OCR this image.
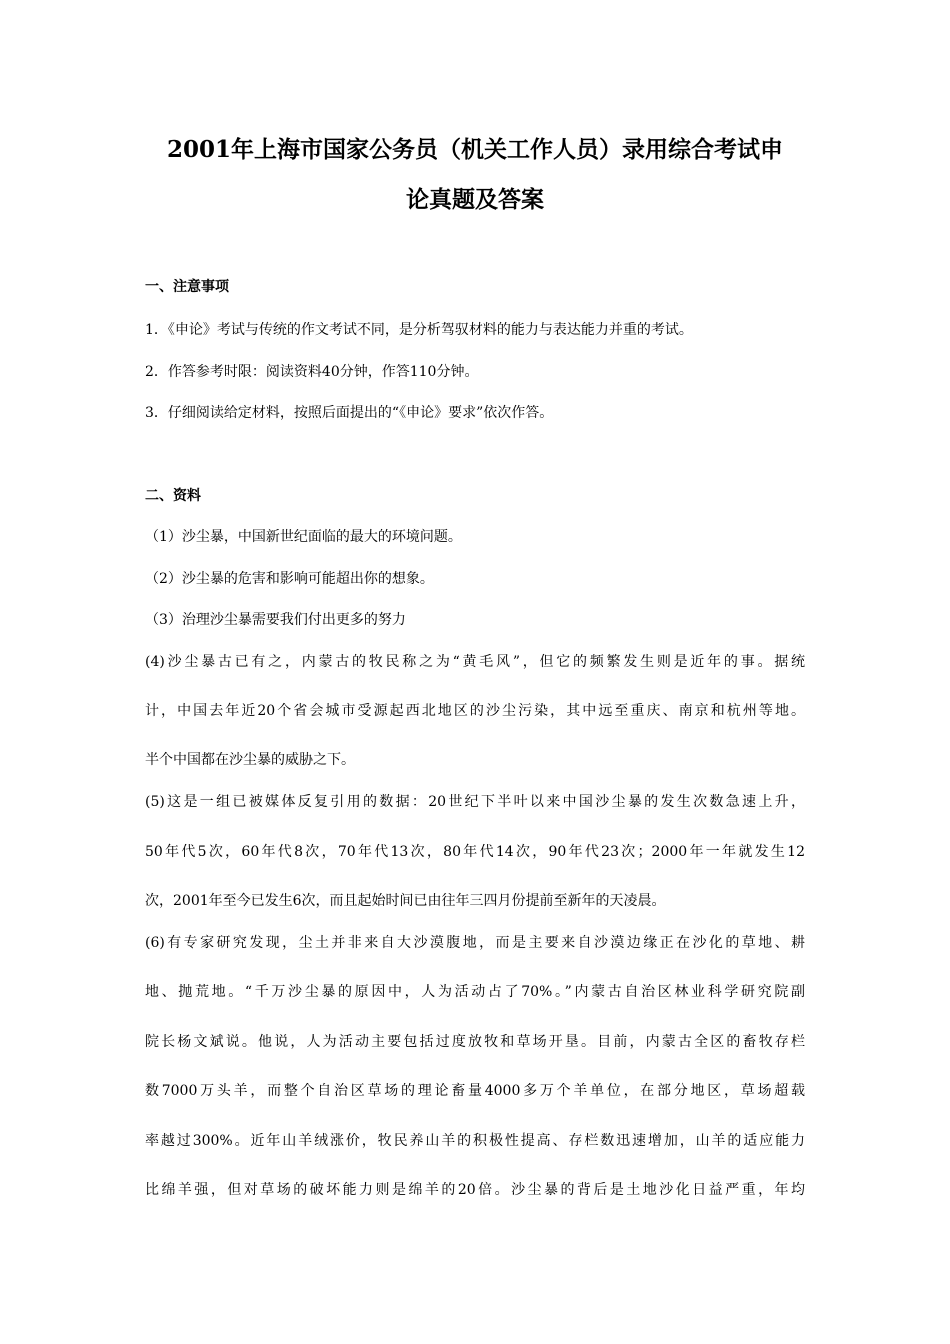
2001年上海市国家公务员（机关工作人员）录用综合考试申
论真题及答案
一、注意事项
1．《申论》考试与传统的作文考试不同，是分析驾驭材料的能力与表达能力并重的考试。
2．作答参考时限：阅读资料40分钟，作答110分钟。
3．仔细阅读给定材料，按照后面提出的“《申论》要求”依次作答。
二、资料
（1）沙尘暴，中国新世纪面临的最大的环境问题。
（2）沙尘暴的危害和影响可能超出你的想象。
（3）治理沙尘暴需要我们付出更多的努力
(4)沙尘暴古已有之，内蒙古的牧民称之为“黄毛风”，但它的频繁发生则是近年的事。据统
计，中国去年近20个省会城市受源起西北地区的沙尘污染，其中远至重庆、南京和杭州等地。
半个中国都在沙尘暴的威胁之下。
(5)这是一组已被媒体反复引用的数据：20世纪下半叶以来中国沙尘暴的发生次数急速上升，
50年代5次，60年代8次，70年代13次，80年代14次，90年代23次；2000年一年就发生12
次，2001年至今已发生6次，而且起始时间已由往年三四月份提前至新年的天凌晨。
(6)有专家研究发现，尘土并非来自大沙漠腹地，而是主要来自沙漠边缘正在沙化的草地、耕
地、抛荒地。“千万沙尘暴的原因中，人为活动占了70%。”内蒙古自治区林业科学研究院副
院长杨文斌说。他说，人为活动主要包括过度放牧和草场开垦。目前，内蒙古全区的畜牧存栏
数7000万头羊，而整个自治区草场的理论畜量4000多万个羊单位，在部分地区，草场超载
率越过300%。近年山羊绒涨价，牧民养山羊的积极性提高、存栏数迅速增加，山羊的适应能力
比绵羊强，但对草场的破坏能力则是绵羊的20倍。沙尘暴的背后是土地沙化日益严重，年均
